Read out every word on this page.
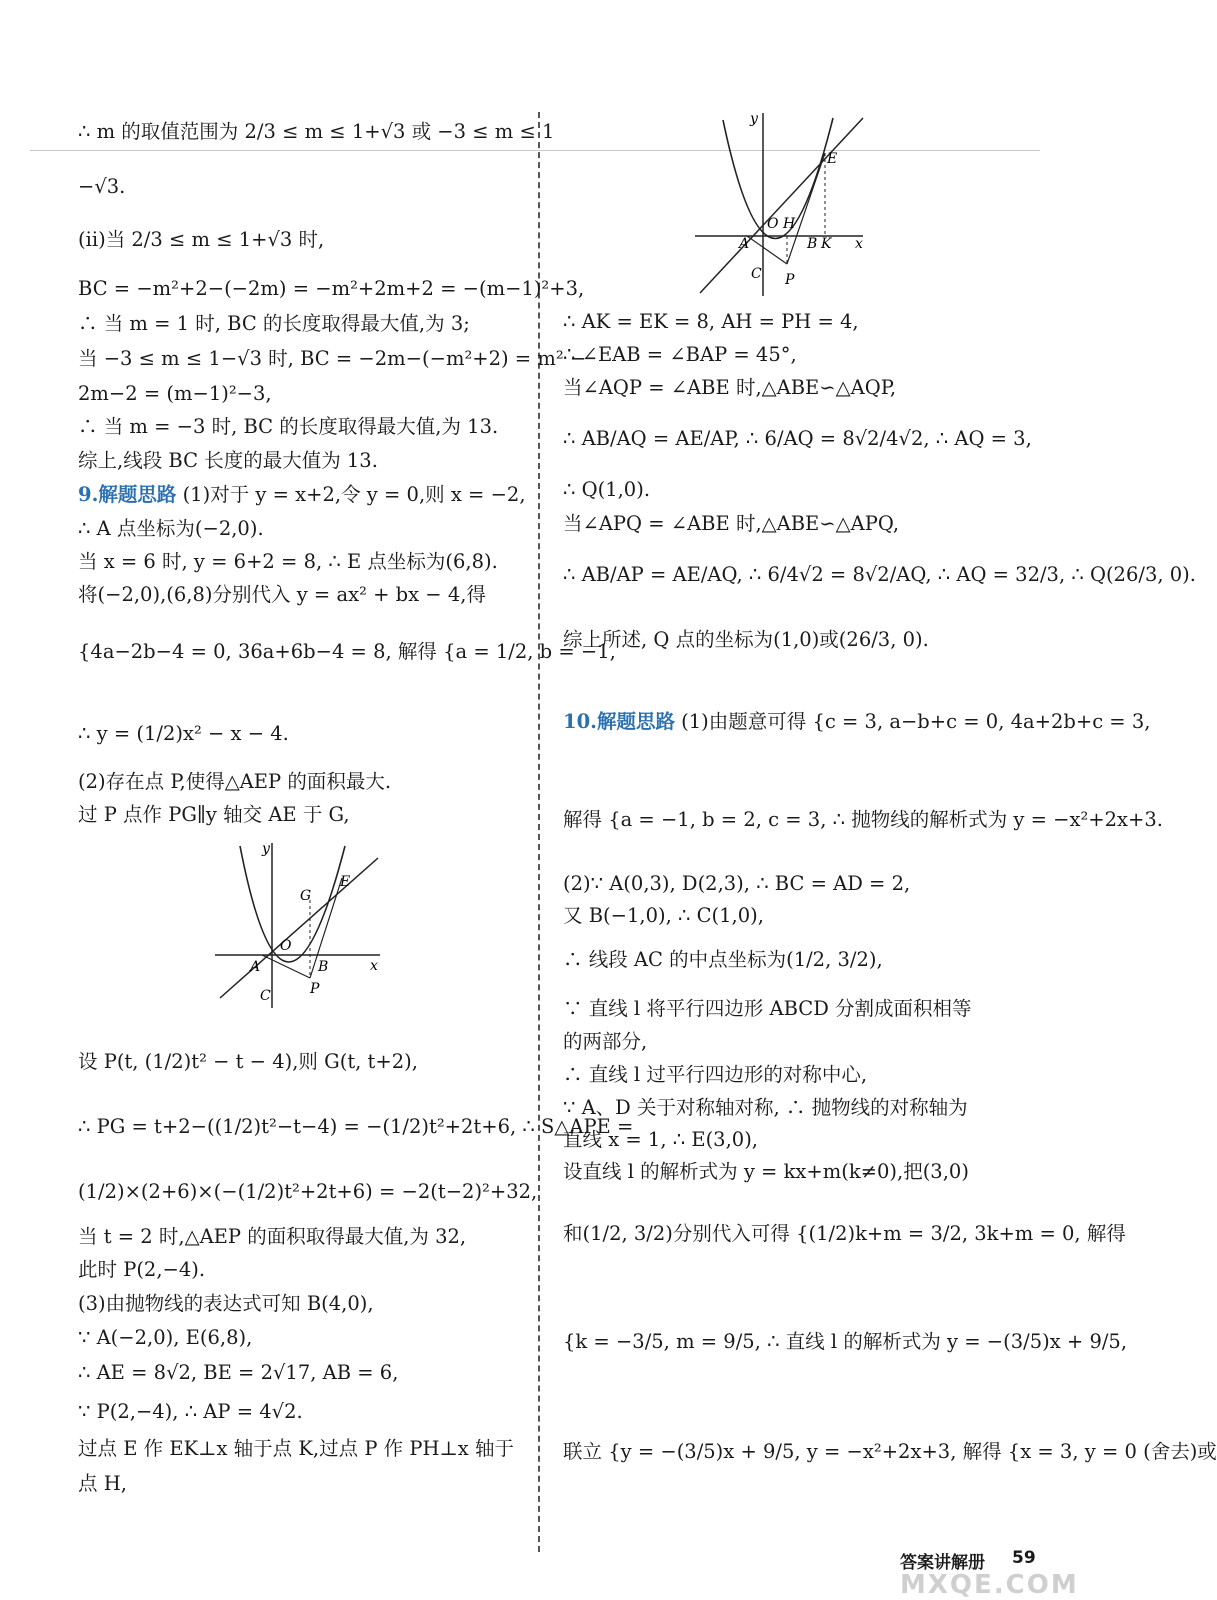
∴ m 的取值范围为 2/3 ≤ m ≤ 1+√3 或 −3 ≤ m ≤ 1
−√3.
(ii)当 2/3 ≤ m ≤ 1+√3 时,
BC = −m²+2−(−2m) = −m²+2m+2 = −(m−1)²+3,
∴ 当 m = 1 时, BC 的长度取得最大值,为 3;
当 −3 ≤ m ≤ 1−√3 时, BC = −2m−(−m²+2) = m² −
2m−2 = (m−1)²−3,
∴ 当 m = −3 时, BC 的长度取得最大值,为 13.
综上,线段 BC 长度的最大值为 13.
9.解题思路 (1)对于 y = x+2,令 y = 0,则 x = −2,
∴ A 点坐标为(−2,0).
当 x = 6 时, y = 6+2 = 8, ∴ E 点坐标为(6,8).
将(−2,0),(6,8)分别代入 y = ax² + bx − 4,得
{4a−2b−4 = 0, 36a+6b−4 = 8, 解得 {a = 1/2, b = −1,
∴ y = (1/2)x² − x − 4.
(2)存在点 P,使得△AEP 的面积最大.
过 P 点作 PG∥y 轴交 AE 于 G,
设 P(t, (1/2)t² − t − 4),则 G(t, t+2),
∴ PG = t+2−((1/2)t²−t−4) = −(1/2)t²+2t+6, ∴ S△APE =
(1/2)×(2+6)×(−(1/2)t²+2t+6) = −2(t−2)²+32,
当 t = 2 时,△AEP 的面积取得最大值,为 32,
此时 P(2,−4).
(3)由抛物线的表达式可知 B(4,0),
∵ A(−2,0), E(6,8),
∴ AE = 8√2, BE = 2√17, AB = 6,
∵ P(2,−4), ∴ AP = 4√2.
过点 E 作 EK⊥x 轴于点 K,过点 P 作 PH⊥x 轴于
点 H,
∴ AK = EK = 8, AH = PH = 4,
∴ ∠EAB = ∠BAP = 45°,
当∠AQP = ∠ABE 时,△ABE∽△AQP,
∴ AB/AQ = AE/AP, ∴ 6/AQ = 8√2/4√2, ∴ AQ = 3,
∴ Q(1,0).
当∠APQ = ∠ABE 时,△ABE∽△APQ,
∴ AB/AP = AE/AQ, ∴ 6/4√2 = 8√2/AQ, ∴ AQ = 32/3, ∴ Q(26/3, 0).
综上所述, Q 点的坐标为(1,0)或(26/3, 0).
10.解题思路 (1)由题意可得 {c = 3, a−b+c = 0, 4a+2b+c = 3,
解得 {a = −1, b = 2, c = 3, ∴ 抛物线的解析式为 y = −x²+2x+3.
(2)∵ A(0,3), D(2,3), ∴ BC = AD = 2,
又 B(−1,0), ∴ C(1,0),
∴ 线段 AC 的中点坐标为(1/2, 3/2),
∵ 直线 l 将平行四边形 ABCD 分割成面积相等
的两部分,
∴ 直线 l 过平行四边形的对称中心,
∵ A、D 关于对称轴对称, ∴ 抛物线的对称轴为
直线 x = 1, ∴ E(3,0),
设直线 l 的解析式为 y = kx+m(k≠0),把(3,0)
和(1/2, 3/2)分别代入可得 {(1/2)k+m = 3/2, 3k+m = 0, 解得
{k = −3/5, m = 9/5, ∴ 直线 l 的解析式为 y = −(3/5)x + 9/5,
联立 {y = −(3/5)x + 9/5, y = −x²+2x+3, 解得 {x = 3, y = 0 (舍去)或
y
x
O
A	B
C	P
G
E
y
x
O H
A	B K
C P
E
答案讲解册 59
MXQE.COM
